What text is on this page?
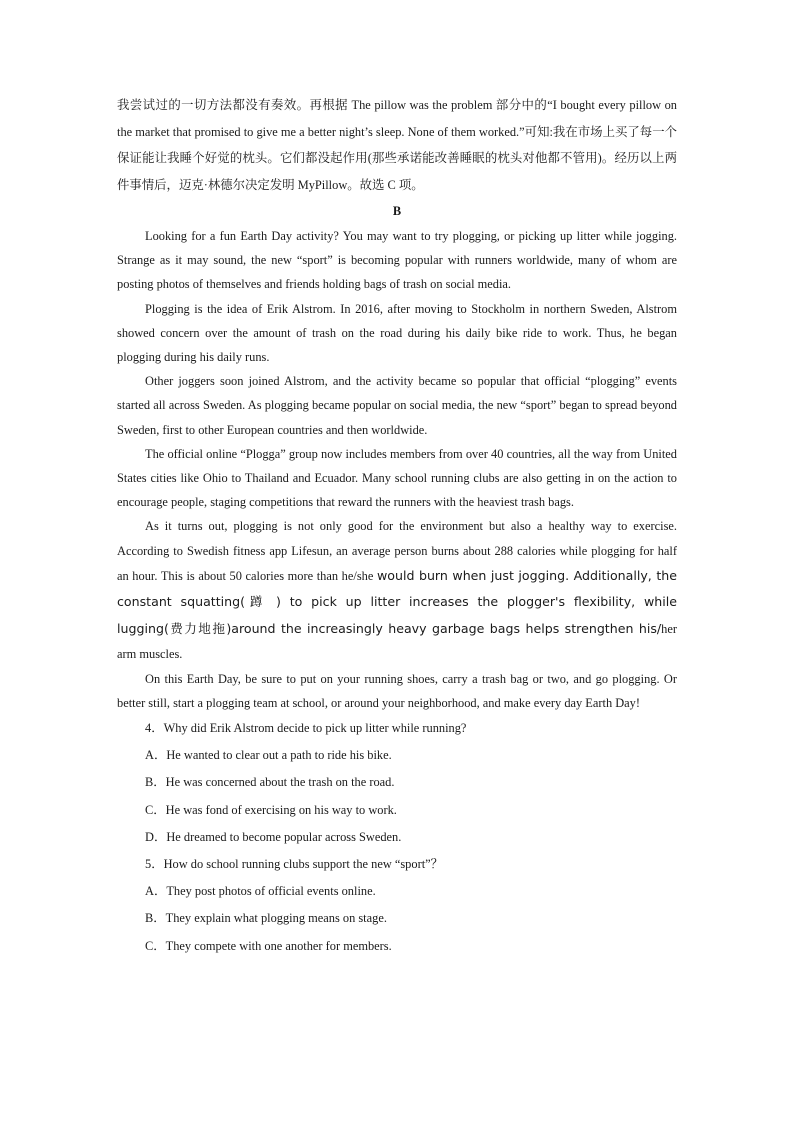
我尝试过的一切方法都没有奏效。再根据 The pillow was the problem 部分中的“I bought every pillow on the market that promised to give me a better night’s sleep. None of them worked.”可知:我在市场上买了每一个保证能让我睡个好觉的枕头。它们都没起作用(那些承诺能改善睡眠的枕头对他都不管用)。经历以上两件事情后，迈克·林德尔决定发明 MyPillow。故选 C 项。

B

Looking for a fun Earth Day activity? You may want to try plogging, or picking up litter while jogging. Strange as it may sound, the new “sport” is becoming popular with runners worldwide, many of whom are posting photos of themselves and friends holding bags of trash on social media.

Plogging is the idea of Erik Alstrom. In 2016, after moving to Stockholm in northern Sweden, Alstrom showed concern over the amount of trash on the road during his daily bike ride to work. Thus, he began plogging during his daily runs.

Other joggers soon joined Alstrom, and the activity became so popular that official “plogging” events started all across Sweden. As plogging became popular on social media, the new “sport” began to spread beyond Sweden, first to other European countries and then worldwide.

The official online “Plogga” group now includes members from over 40 countries, all the way from United States cities like Ohio to Thailand and Ecuador. Many school running clubs are also getting in on the action to encourage people, staging competitions that reward the runners with the heaviest trash bags.

As it turns out, plogging is not only good for the environment but also a healthy way to exercise. According to Swedish fitness app Lifesun, an average person burns about 288 calories while plogging for half an hour. This is about 50 calories more than he/she would burn when just jogging. Additionally, the constant squatting(蹲 ) to pick up litter increases the plogger's flexibility, while lugging(费力地拖)around the increasingly heavy garbage bags helps strengthen his/her arm muscles.

On this Earth Day, be sure to put on your running shoes, carry a trash bag or two, and go plogging. Or better still, start a plogging team at school, or around your neighborhood, and make every day Earth Day!

4．Why did Erik Alstrom decide to pick up litter while running?

A．He wanted to clear out a path to ride his bike.

B．He was concerned about the trash on the road.

C．He was fond of exercising on his way to work.

D．He dreamed to become popular across Sweden.

5．How do school running clubs support the new “sport”？

A．They post photos of official events online.

B．They explain what plogging means on stage.

C．They compete with one another for members.
